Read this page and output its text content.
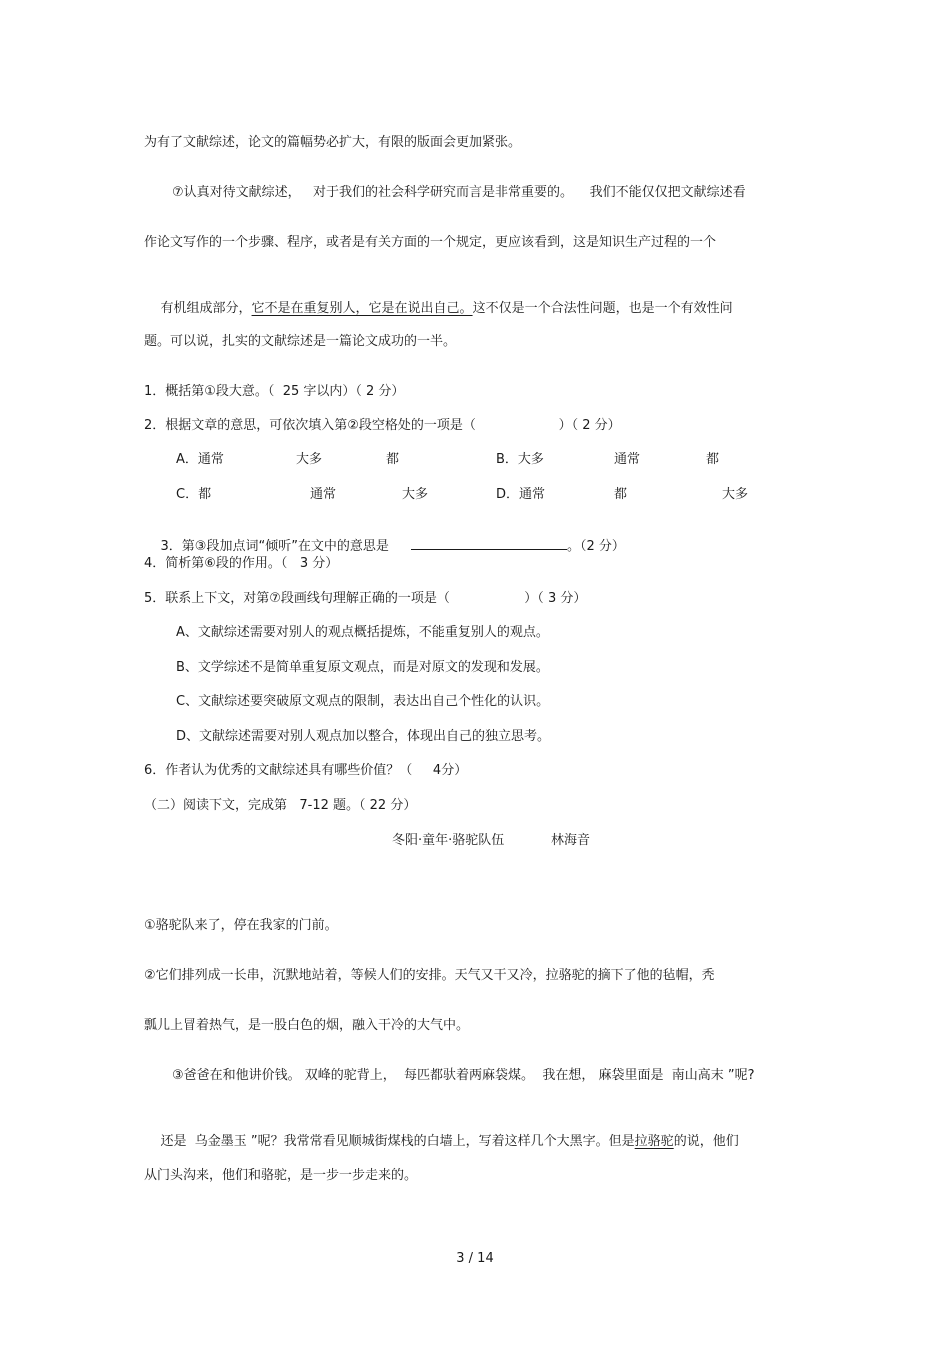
为有了文献综述，论文的篇幅势必扩大，有限的版面会更加紧张。
⑦认真对待文献综述，   对于我们的社会科学研究而言是非常重要的。    我们不能仅仅把文献综述看
作论文写作的一个步骤、程序，或者是有关方面的一个规定，更应该看到，这是知识生产过程的一个

有机组成部分，它不是在重复别人，它是在说出自己。这不仅是一个合法性问题，也是一个有效性问

题。可以说，扎实的文献综述是一篇论文成功的一半。
1．概括第①段大意。（  25 字以内）（ 2 分）
2．根据文章的意思，可依次填入第②段空格处的一项是（                    ）（ 2 分）
A．通常	大多	都	B．大多	通常	都
C．都	通常	大多	D．通常	都	大多

3．第③段加点词“倾听”在文中的意思是	。（2 分）

4．简析第⑥段的作用。（   3 分）
5．联系上下文，对第⑦段画线句理解正确的一项是（                  ）（ 3 分）
A、文献综述需要对别人的观点概括提炼，不能重复别人的观点。
B、文学综述不是简单重复原文观点，而是对原文的发现和发展。
C、文献综述要突破原文观点的限制，表达出自己个性化的认识。
D、文献综述需要对别人观点加以整合，体现出自己的独立思考。
6．作者认为优秀的文献综述具有哪些价值？（     4分）
（二）阅读下文，完成第   7-12 题。（ 22 分）
冬阳·童年·骆驼队伍	林海音
①骆驼队来了，停在我家的门前。
②它们排列成一长串，沉默地站着，等候人们的安排。天气又干又冷，拉骆驼的摘下了他的毡帽，秃
瓢儿上冒着热气，是一股白色的烟，融入干冷的大气中。
③爸爸在和他讲价钱。 双峰的驼背上，  每匹都驮着两麻袋煤。  我在想， 麻袋里面是  南山高末 ”呢?

还是  乌金墨玉 ”呢？我常常看见顺城街煤栈的白墙上，写着这样几个大黑字。但是拉骆驼的说，他们

从门头沟来，他们和骆驼，是一步一步走来的。
3 / 14
